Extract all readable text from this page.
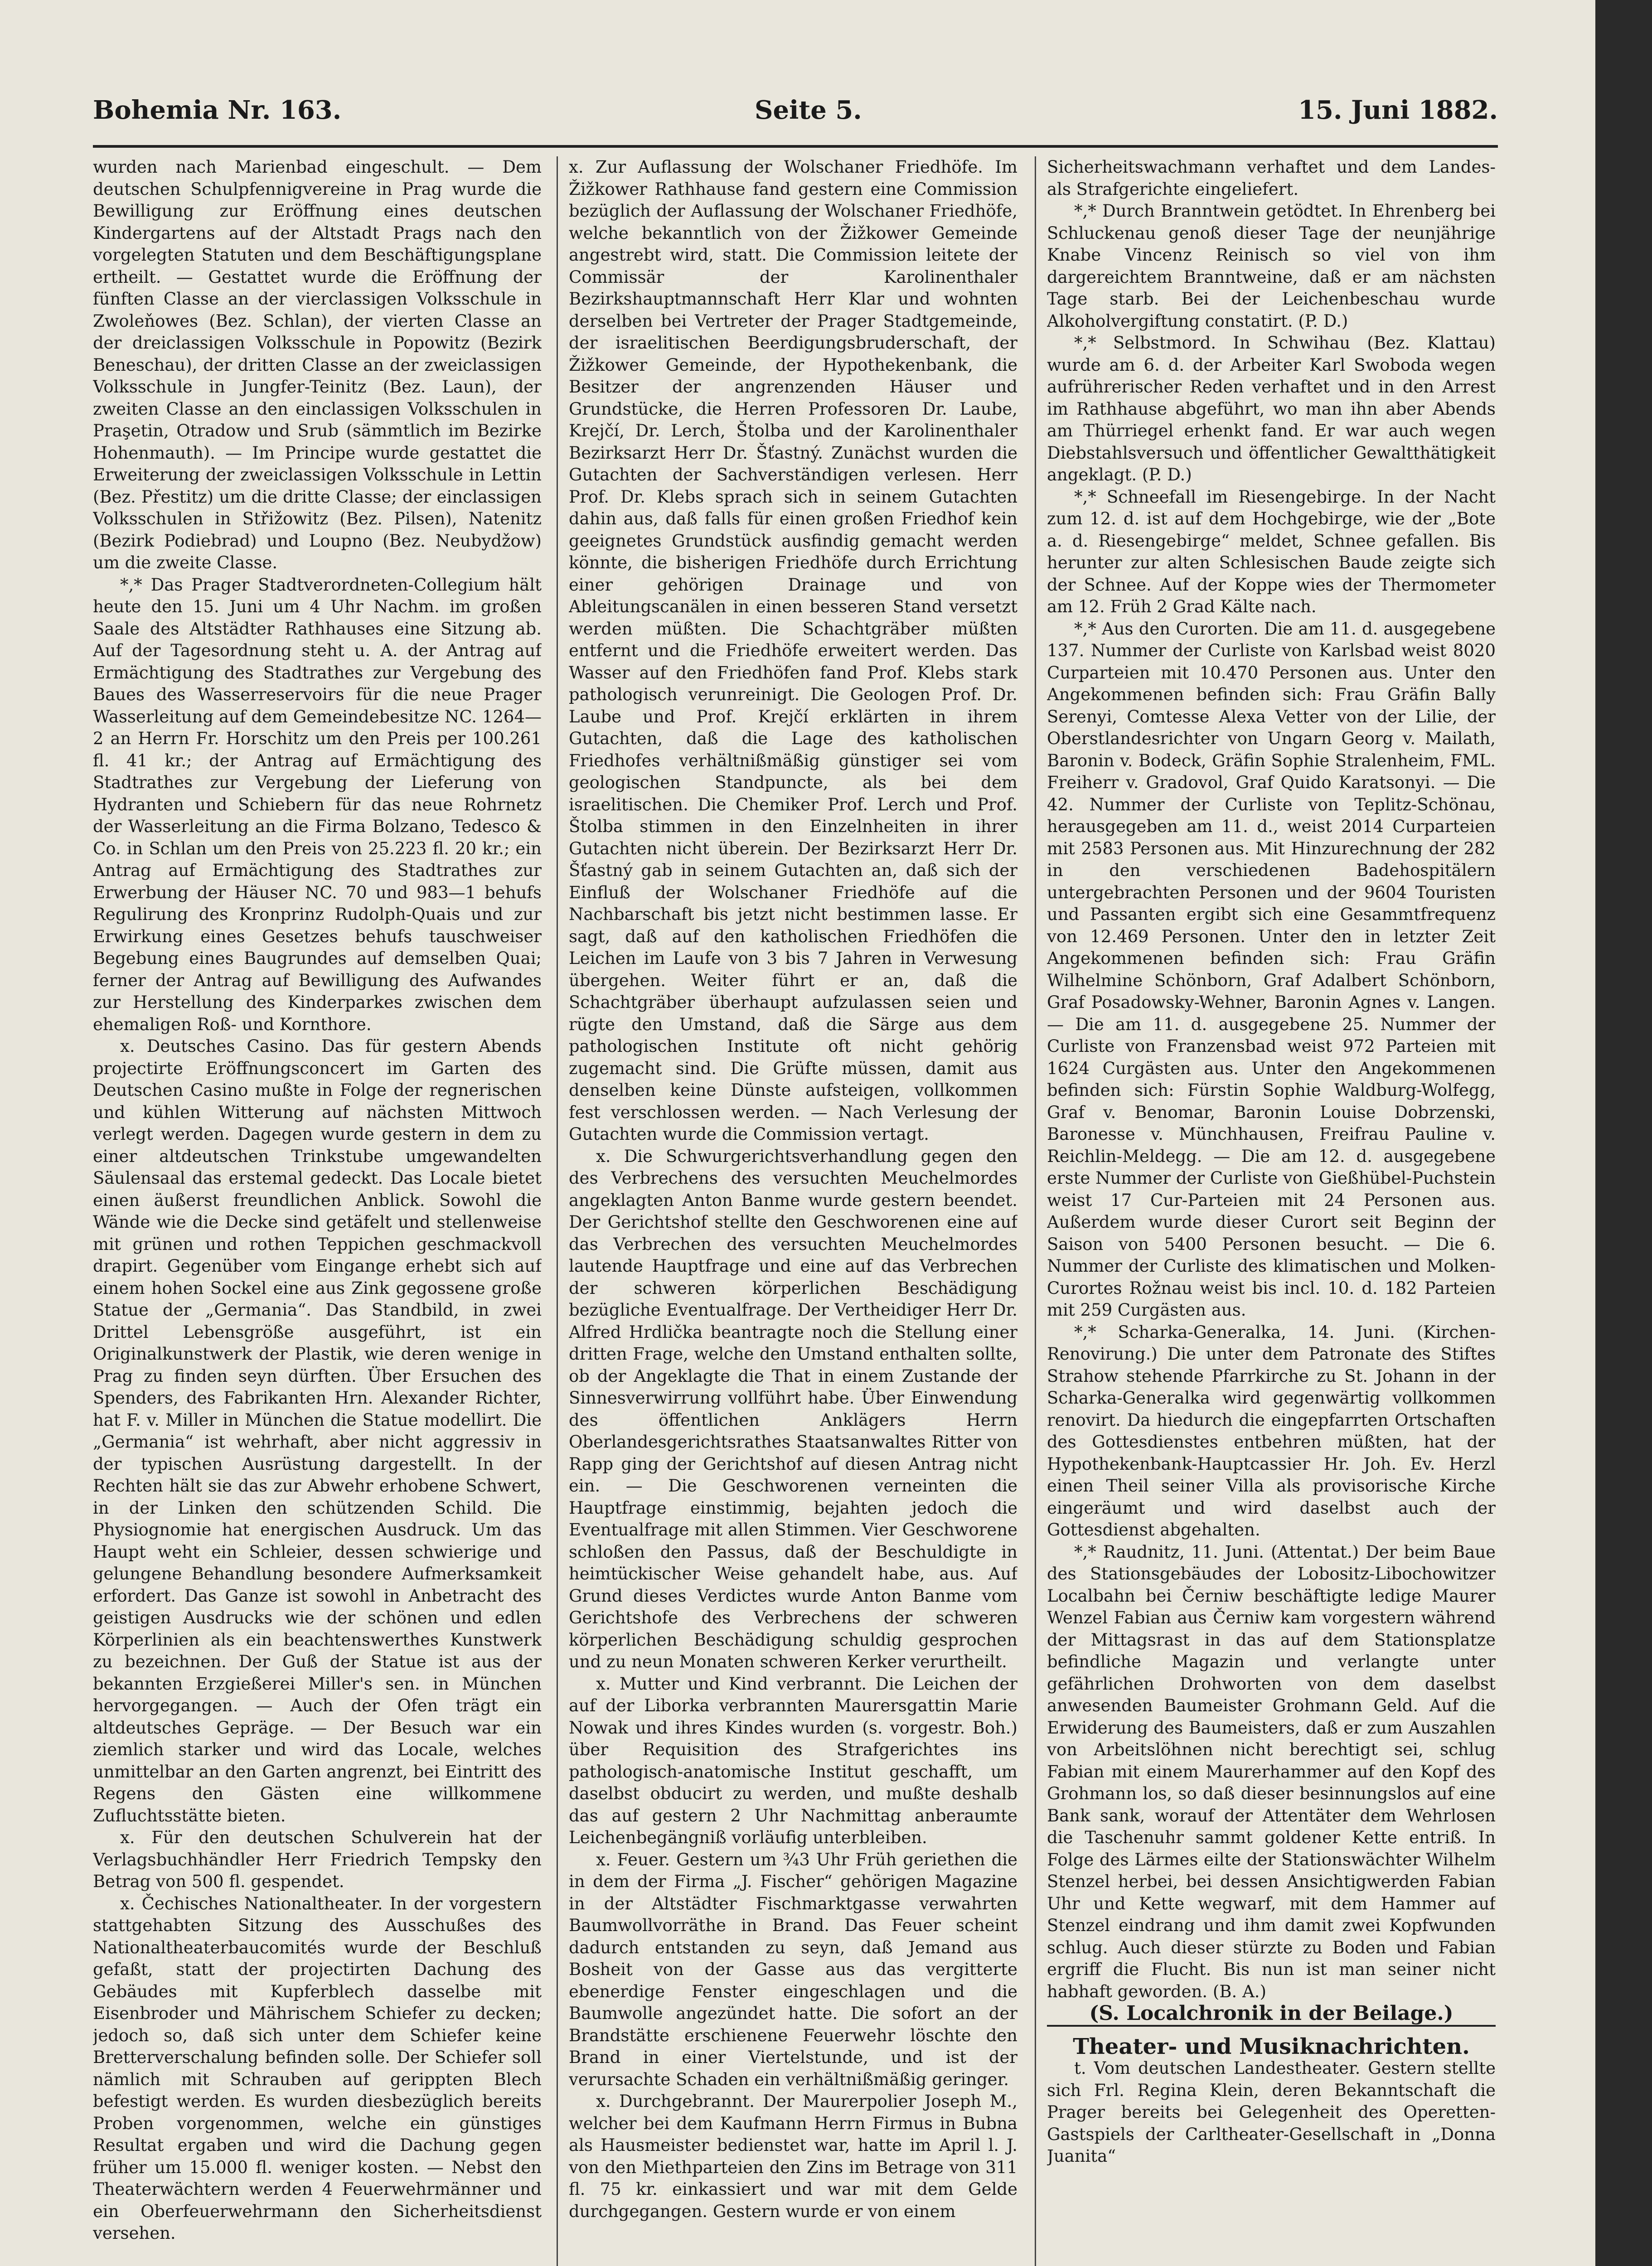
Bohemia Nr. 163.	Seite 5.	15. Juni 1882.

wurden nach Marienbad eingeschult. — Dem deutschen Schulpfennigvereine in Prag wurde die Bewilligung zur Eröffnung eines deutschen Kindergartens auf der Altstadt Prags nach den vorgelegten Statuten und dem Beschäftigungsplane ertheilt. — Gestattet wurde die Eröffnung der fünften Classe an der vierclassigen Volksschule in Zwoleňowes (Bez. Schlan), der vierten Classe an der dreiclassigen Volksschule in Popowitz (Bezirk Beneschau), der dritten Classe an der zweiclassigen Volksschule in Jungfer-Teinitz (Bez. Laun), der zweiten Classe an den einclassigen Volksschulen in Praşetin, Otradow und Srub (sämmtlich im Bezirke Hohenmauth). — Im Principe wurde gestattet die Erweiterung der zweiclassigen Volksschule in Lettin (Bez. Přestitz) um die dritte Classe; der einclassigen Volksschulen in Střižowitz (Bez. Pilsen), Natenitz (Bezirk Podiebrad) und Loupno (Bez. Neubydžow) um die zweite Classe.

*,* Das Prager Stadtverordneten-Collegium hält heute den 15. Juni um 4 Uhr Nachm. im großen Saale des Altstädter Rathhauses eine Sitzung ab. Auf der Tagesordnung steht u. A. der Antrag auf Ermächtigung des Stadtrathes zur Vergebung des Baues des Wasserreservoirs für die neue Prager Wasserleitung auf dem Gemeindebesitze NC. 1264—2 an Herrn Fr. Horschitz um den Preis per 100.261 fl. 41 kr.; der Antrag auf Ermächtigung des Stadtrathes zur Vergebung der Lieferung von Hydranten und Schiebern für das neue Rohrnetz der Wasserleitung an die Firma Bolzano, Tedesco & Co. in Schlan um den Preis von 25.223 fl. 20 kr.; ein Antrag auf Ermächtigung des Stadtrathes zur Erwerbung der Häuser NC. 70 und 983—1 behufs Regulirung des Kronprinz Rudolph-Quais und zur Erwirkung eines Gesetzes behufs tauschweiser Begebung eines Baugrundes auf demselben Quai; ferner der Antrag auf Bewilligung des Aufwandes zur Herstellung des Kinderparkes zwischen dem ehemaligen Roß- und Kornthore.

x. Deutsches Casino. Das für gestern Abends projectirte Eröffnungsconcert im Garten des Deutschen Casino mußte in Folge der regnerischen und kühlen Witterung auf nächsten Mittwoch verlegt werden. Dagegen wurde gestern in dem zu einer altdeutschen Trinkstube umgewandelten Säulensaal das erstemal gedeckt. Das Locale bietet einen äußerst freundlichen Anblick. Sowohl die Wände wie die Decke sind getäfelt und stellenweise mit grünen und rothen Teppichen geschmackvoll drapirt. Gegenüber vom Eingange erhebt sich auf einem hohen Sockel eine aus Zink gegossene große Statue der „Germania“. Das Standbild, in zwei Drittel Lebensgröße ausgeführt, ist ein Originalkunstwerk der Plastik, wie deren wenige in Prag zu finden seyn dürften. Über Ersuchen des Spenders, des Fabrikanten Hrn. Alexander Richter, hat F. v. Miller in München die Statue modellirt. Die „Germania“ ist wehrhaft, aber nicht aggressiv in der typischen Ausrüstung dargestellt. In der Rechten hält sie das zur Abwehr erhobene Schwert, in der Linken den schützenden Schild. Die Physiognomie hat energischen Ausdruck. Um das Haupt weht ein Schleier, dessen schwierige und gelungene Behandlung besondere Aufmerksamkeit erfordert. Das Ganze ist sowohl in Anbetracht des geistigen Ausdrucks wie der schönen und edlen Körperlinien als ein beachtenswerthes Kunstwerk zu bezeichnen. Der Guß der Statue ist aus der bekannten Erzgießerei Miller's sen. in München hervorgegangen. — Auch der Ofen trägt ein altdeutsches Gepräge. — Der Besuch war ein ziemlich starker und wird das Locale, welches unmittelbar an den Garten angrenzt, bei Eintritt des Regens den Gästen eine willkommene Zufluchtsstätte bieten.

x. Für den deutschen Schulverein hat der Verlagsbuchhändler Herr Friedrich Tempsky den Betrag von 500 fl. gespendet.

x. Čechisches Nationaltheater. In der vorgestern stattgehabten Sitzung des Ausschußes des Nationaltheaterbaucomités wurde der Beschluß gefaßt, statt der projectirten Dachung des Gebäudes mit Kupferblech dasselbe mit Eisenbroder und Mährischem Schiefer zu decken; jedoch so, daß sich unter dem Schiefer keine Bretterverschalung befinden solle. Der Schiefer soll nämlich mit Schrauben auf gerippten Blech befestigt werden. Es wurden diesbezüglich bereits Proben vorgenommen, welche ein günstiges Resultat ergaben und wird die Dachung gegen früher um 15.000 fl. weniger kosten. — Nebst den Theaterwächtern werden 4 Feuerwehrmänner und ein Oberfeuerwehrmann den Sicherheitsdienst versehen.

x. Zur Auflassung der Wolschaner Friedhöfe. Im Žižkower Rathhause fand gestern eine Commission bezüglich der Auflassung der Wolschaner Friedhöfe, welche bekanntlich von der Žižkower Gemeinde angestrebt wird, statt. Die Commission leitete der Commissär der Karolinenthaler Bezirkshauptmannschaft Herr Klar und wohnten derselben bei Vertreter der Prager Stadtgemeinde, der israelitischen Beerdigungsbruderschaft, der Žižkower Gemeinde, der Hypothekenbank, die Besitzer der angrenzenden Häuser und Grundstücke, die Herren Professoren Dr. Laube, Krejčí, Dr. Lerch, Štolba und der Karolinenthaler Bezirksarzt Herr Dr. Šťastný. Zunächst wurden die Gutachten der Sachverständigen verlesen. Herr Prof. Dr. Klebs sprach sich in seinem Gutachten dahin aus, daß falls für einen großen Friedhof kein geeignetes Grundstück ausfindig gemacht werden könnte, die bisherigen Friedhöfe durch Errichtung einer gehörigen Drainage und von Ableitungscanälen in einen besseren Stand versetzt werden müßten. Die Schachtgräber müßten entfernt und die Friedhöfe erweitert werden. Das Wasser auf den Friedhöfen fand Prof. Klebs stark pathologisch verunreinigt. Die Geologen Prof. Dr. Laube und Prof. Krejčí erklärten in ihrem Gutachten, daß die Lage des katholischen Friedhofes verhältnißmäßig günstiger sei vom geologischen Standpuncte, als bei dem israelitischen. Die Chemiker Prof. Lerch und Prof. Štolba stimmen in den Einzelnheiten in ihrer Gutachten nicht überein. Der Bezirksarzt Herr Dr. Šťastný gab in seinem Gutachten an, daß sich der Einfluß der Wolschaner Friedhöfe auf die Nachbarschaft bis jetzt nicht bestimmen lasse. Er sagt, daß auf den katholischen Friedhöfen die Leichen im Laufe von 3 bis 7 Jahren in Verwesung übergehen. Weiter führt er an, daß die Schachtgräber überhaupt aufzulassen seien und rügte den Umstand, daß die Särge aus dem pathologischen Institute oft nicht gehörig zugemacht sind. Die Grüfte müssen, damit aus denselben keine Dünste aufsteigen, vollkommen fest verschlossen werden. — Nach Verlesung der Gutachten wurde die Commission vertagt.

x. Die Schwurgerichtsverhandlung gegen den des Verbrechens des versuchten Meuchelmordes angeklagten Anton Banme wurde gestern beendet. Der Gerichtshof stellte den Geschworenen eine auf das Verbrechen des versuchten Meuchelmordes lautende Hauptfrage und eine auf das Verbrechen der schweren körperlichen Beschädigung bezügliche Eventualfrage. Der Vertheidiger Herr Dr. Alfred Hrdlička beantragte noch die Stellung einer dritten Frage, welche den Umstand enthalten sollte, ob der Angeklagte die That in einem Zustande der Sinnesverwirrung vollführt habe. Über Einwendung des öffentlichen Anklägers Herrn Oberlandesgerichtsrathes Staatsanwaltes Ritter von Rapp ging der Gerichtshof auf diesen Antrag nicht ein. — Die Geschworenen verneinten die Hauptfrage einstimmig, bejahten jedoch die Eventualfrage mit allen Stimmen. Vier Geschworene schloßen den Passus, daß der Beschuldigte in heimtückischer Weise gehandelt habe, aus. Auf Grund dieses Verdictes wurde Anton Banme vom Gerichtshofe des Verbrechens der schweren körperlichen Beschädigung schuldig gesprochen und zu neun Monaten schweren Kerker verurtheilt.

x. Mutter und Kind verbrannt. Die Leichen der auf der Liborka verbrannten Maurersgattin Marie Nowak und ihres Kindes wurden (s. vorgestr. Boh.) über Requisition des Strafgerichtes ins pathologisch-anatomische Institut geschafft, um daselbst obducirt zu werden, und mußte deshalb das auf gestern 2 Uhr Nachmittag anberaumte Leichenbegängniß vorläufig unterbleiben.

x. Feuer. Gestern um ¾3 Uhr Früh geriethen die in dem der Firma „J. Fischer“ gehörigen Magazine in der Altstädter Fischmarktgasse verwahrten Baumwollvorräthe in Brand. Das Feuer scheint dadurch entstanden zu seyn, daß Jemand aus Bosheit von der Gasse aus das vergitterte ebenerdige Fenster eingeschlagen und die Baumwolle angezündet hatte. Die sofort an der Brandstätte erschienene Feuerwehr löschte den Brand in einer Viertelstunde, und ist der verursachte Schaden ein verhältnißmäßig geringer.

x. Durchgebrannt. Der Maurerpolier Joseph M., welcher bei dem Kaufmann Herrn Firmus in Bubna als Hausmeister bedienstet war, hatte im April l. J. von den Miethparteien den Zins im Betrage von 311 fl. 75 kr. einkassiert und war mit dem Gelde durchgegangen. Gestern wurde er von einem

Sicherheitswachmann verhaftet und dem Landes- als Strafgerichte eingeliefert.

*,* Durch Branntwein getödtet. In Ehrenberg bei Schluckenau genoß dieser Tage der neunjährige Knabe Vincenz Reinisch so viel von ihm dargereichtem Branntweine, daß er am nächsten Tage starb. Bei der Leichenbeschau wurde Alkoholvergiftung constatirt. (P. D.)

*,* Selbstmord. In Schwihau (Bez. Klattau) wurde am 6. d. der Arbeiter Karl Swoboda wegen aufrührerischer Reden verhaftet und in den Arrest im Rathhause abgeführt, wo man ihn aber Abends am Thürriegel erhenkt fand. Er war auch wegen Diebstahlsversuch und öffentlicher Gewaltthätigkeit angeklagt. (P. D.)

*,* Schneefall im Riesengebirge. In der Nacht zum 12. d. ist auf dem Hochgebirge, wie der „Bote a. d. Riesengebirge“ meldet, Schnee gefallen. Bis herunter zur alten Schlesischen Baude zeigte sich der Schnee. Auf der Koppe wies der Thermometer am 12. Früh 2 Grad Kälte nach.

*,* Aus den Curorten. Die am 11. d. ausgegebene 137. Nummer der Curliste von Karlsbad weist 8020 Curparteien mit 10.470 Personen aus. Unter den Angekommenen befinden sich: Frau Gräfin Bally Serenyi, Comtesse Alexa Vetter von der Lilie, der Oberstlandesrichter von Ungarn Georg v. Mailath, Baronin v. Bodeck, Gräfin Sophie Stralenheim, FML. Freiherr v. Gradovol, Graf Quido Karatsonyi. — Die 42. Nummer der Curliste von Teplitz-Schönau, herausgegeben am 11. d., weist 2014 Curparteien mit 2583 Personen aus. Mit Hinzurechnung der 282 in den verschiedenen Badehospitälern untergebrachten Personen und der 9604 Touristen und Passanten ergibt sich eine Gesammtfrequenz von 12.469 Personen. Unter den in letzter Zeit Angekommenen befinden sich: Frau Gräfin Wilhelmine Schönborn, Graf Adalbert Schönborn, Graf Posadowsky-Wehner, Baronin Agnes v. Langen. — Die am 11. d. ausgegebene 25. Nummer der Curliste von Franzensbad weist 972 Parteien mit 1624 Curgästen aus. Unter den Angekommenen befinden sich: Fürstin Sophie Waldburg-Wolfegg, Graf v. Benomar, Baronin Louise Dobrzenski, Baronesse v. Münchhausen, Freifrau Pauline v. Reichlin-Meldegg. — Die am 12. d. ausgegebene erste Nummer der Curliste von Gießhübel-Puchstein weist 17 Cur-Parteien mit 24 Personen aus. Außerdem wurde dieser Curort seit Beginn der Saison von 5400 Personen besucht. — Die 6. Nummer der Curliste des klimatischen und Molken-Curortes Rožnau weist bis incl. 10. d. 182 Parteien mit 259 Curgästen aus.

*,* Scharka-Generalka, 14. Juni. (Kirchen-Renovirung.) Die unter dem Patronate des Stiftes Strahow stehende Pfarrkirche zu St. Johann in der Scharka-Generalka wird gegenwärtig vollkommen renovirt. Da hiedurch die eingepfarrten Ortschaften des Gottesdienstes entbehren müßten, hat der Hypothekenbank-Hauptcassier Hr. Joh. Ev. Herzl einen Theil seiner Villa als provisorische Kirche eingeräumt und wird daselbst auch der Gottesdienst abgehalten.

*,* Raudnitz, 11. Juni. (Attentat.) Der beim Baue des Stationsgebäudes der Lobositz-Libochowitzer Localbahn bei Černiw beschäftigte ledige Maurer Wenzel Fabian aus Černiw kam vorgestern während der Mittagsrast in das auf dem Stationsplatze befindliche Magazin und verlangte unter gefährlichen Drohworten von dem daselbst anwesenden Baumeister Grohmann Geld. Auf die Erwiderung des Baumeisters, daß er zum Auszahlen von Arbeitslöhnen nicht berechtigt sei, schlug Fabian mit einem Maurerhammer auf den Kopf des Grohmann los, so daß dieser besinnungslos auf eine Bank sank, worauf der Attentäter dem Wehrlosen die Taschenuhr sammt goldener Kette entriß. In Folge des Lärmes eilte der Stationswächter Wilhelm Stenzel herbei, bei dessen Ansichtigwerden Fabian Uhr und Kette wegwarf, mit dem Hammer auf Stenzel eindrang und ihm damit zwei Kopfwunden schlug. Auch dieser stürzte zu Boden und Fabian ergriff die Flucht. Bis nun ist man seiner nicht habhaft geworden. (B. A.)

(S. Localchronik in der Beilage.)

Theater- und Musiknachrichten.

t. Vom deutschen Landestheater. Gestern stellte sich Frl. Regina Klein, deren Bekanntschaft die Prager bereits bei Gelegenheit des Operetten-Gastspiels der Carltheater-Gesellschaft in „Donna Juanita“
